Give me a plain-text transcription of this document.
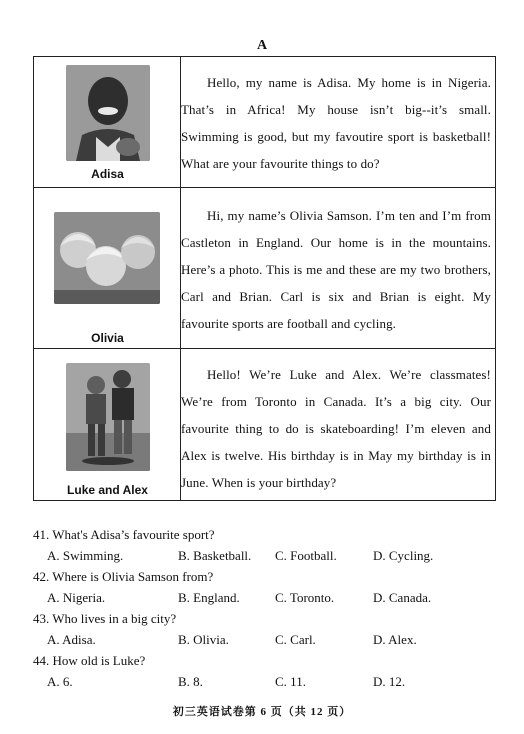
A
Adisa
Hello, my name is Adisa. My home is in Nigeria. That’s in Africa! My house isn’t big--it’s small. Swimming is good, but my favoutire sport is basketball! What are your favourite things to do?
Olivia
Hi, my name’s Olivia Samson. I’m ten and I’m from Castleton in England. Our home is in the mountains. Here’s a photo. This is me and these are my two brothers, Carl and Brian. Carl is six and Brian is eight. My favourite sports are football and cycling.
Luke and Alex
Hello! We’re Luke and Alex. We’re classmates! We’re from Toronto in Canada. It’s a big city. Our favourite thing to do is skateboarding! I’m eleven and Alex is twelve. His birthday is in May my birthday is in June. When is your birthday?
41. What's Adisa’s favourite sport?
A. Swimming.	B. Basketball. C. Football.	D. Cycling.
42. Where is Olivia Samson from?
A. Nigeria.	B. England.	C. Toronto.	D. Canada.
43. Who lives in a big city?
A. Adisa.	B. Olivia.	C. Carl.	D. Alex.
44. How old is Luke?
A. 6.	B. 8.	C. 11.	D. 12.
初三英语试卷第 6 页（共 12 页）
